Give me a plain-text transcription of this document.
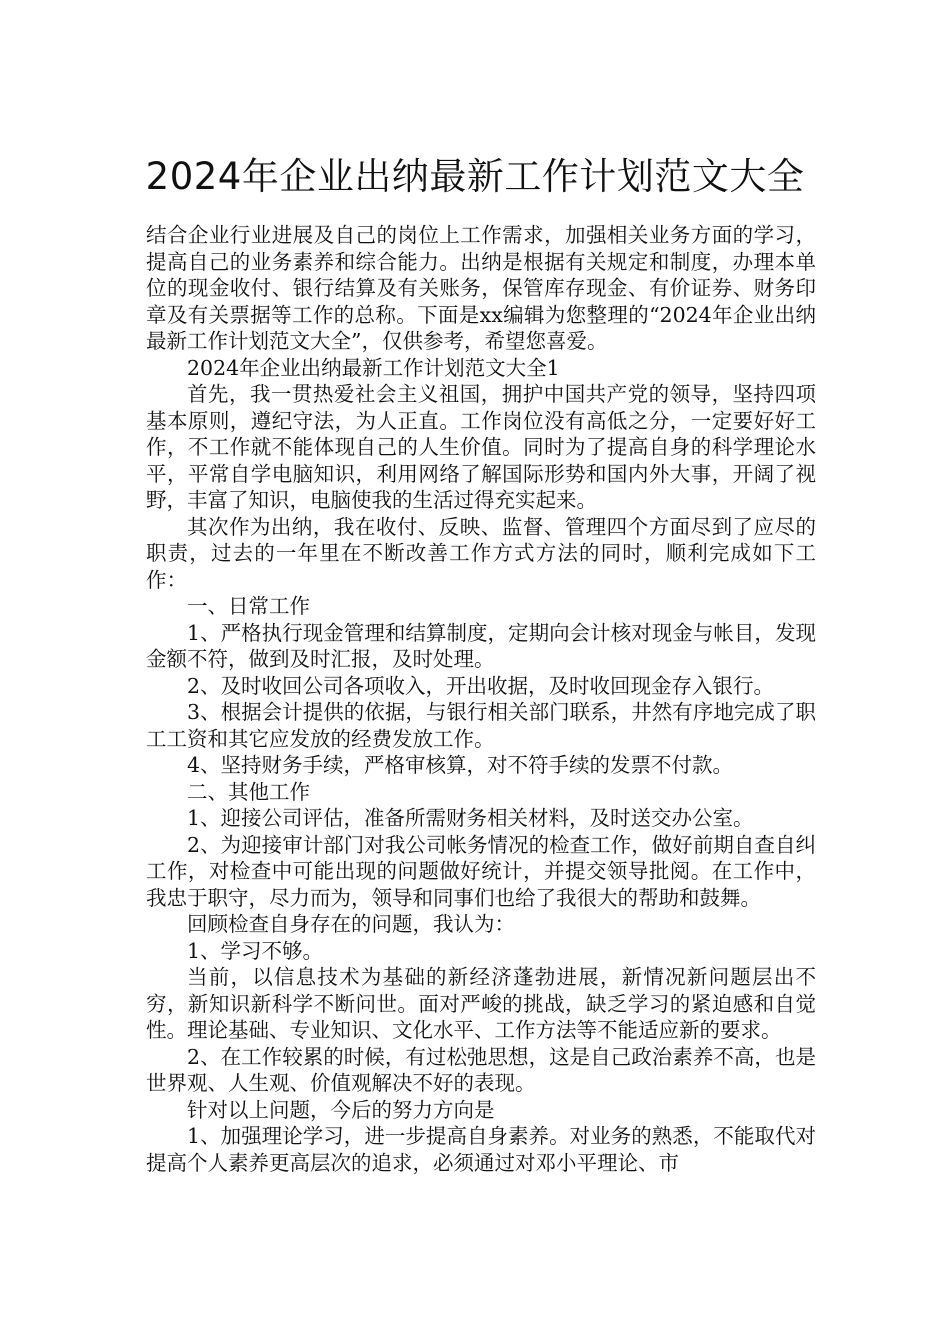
2024年企业出纳最新工作计划范文大全

结合企业行业进展及自己的岗位上工作需求，加强相关业务方面的学习，提高自己的业务素养和综合能力。出纳是根据有关规定和制度，办理本单位的现金收付、银行结算及有关账务，保管库存现金、有价证券、财务印章及有关票据等工作的总称。下面是xx编辑为您整理的“2024年企业出纳最新工作计划范文大全”，仅供参考，希望您喜爱。

2024年企业出纳最新工作计划范文大全1

首先，我一贯热爱社会主义祖国，拥护中国共产党的领导，坚持四项基本原则，遵纪守法，为人正直。工作岗位没有高低之分，一定要好好工作，不工作就不能体现自己的人生价值。同时为了提高自身的科学理论水平，平常自学电脑知识，利用网络了解国际形势和国内外大事，开阔了视野，丰富了知识，电脑使我的生活过得充实起来。

其次作为出纳，我在收付、反映、监督、管理四个方面尽到了应尽的职责，过去的一年里在不断改善工作方式方法的同时，顺利完成如下工作：

一、日常工作

1、严格执行现金管理和结算制度，定期向会计核对现金与帐目，发现金额不符，做到及时汇报，及时处理。

2、及时收回公司各项收入，开出收据，及时收回现金存入银行。

3、根据会计提供的依据，与银行相关部门联系，井然有序地完成了职工工资和其它应发放的经费发放工作。

4、坚持财务手续，严格审核算，对不符手续的发票不付款。

二、其他工作

1、迎接公司评估，准备所需财务相关材料，及时送交办公室。

2、为迎接审计部门对我公司帐务情况的检查工作，做好前期自查自纠工作，对检查中可能出现的问题做好统计，并提交领导批阅。在工作中，我忠于职守，尽力而为，领导和同事们也给了我很大的帮助和鼓舞。

回顾检查自身存在的问题，我认为：

1、学习不够。

当前，以信息技术为基础的新经济蓬勃进展，新情况新问题层出不穷，新知识新科学不断问世。面对严峻的挑战，缺乏学习的紧迫感和自觉性。理论基础、专业知识、文化水平、工作方法等不能适应新的要求。

2、在工作较累的时候，有过松弛思想，这是自己政治素养不高，也是世界观、人生观、价值观解决不好的表现。

针对以上问题，今后的努力方向是

1、加强理论学习，进一步提高自身素养。对业务的熟悉，不能取代对提高个人素养更高层次的追求，必须通过对邓小平理论、市
